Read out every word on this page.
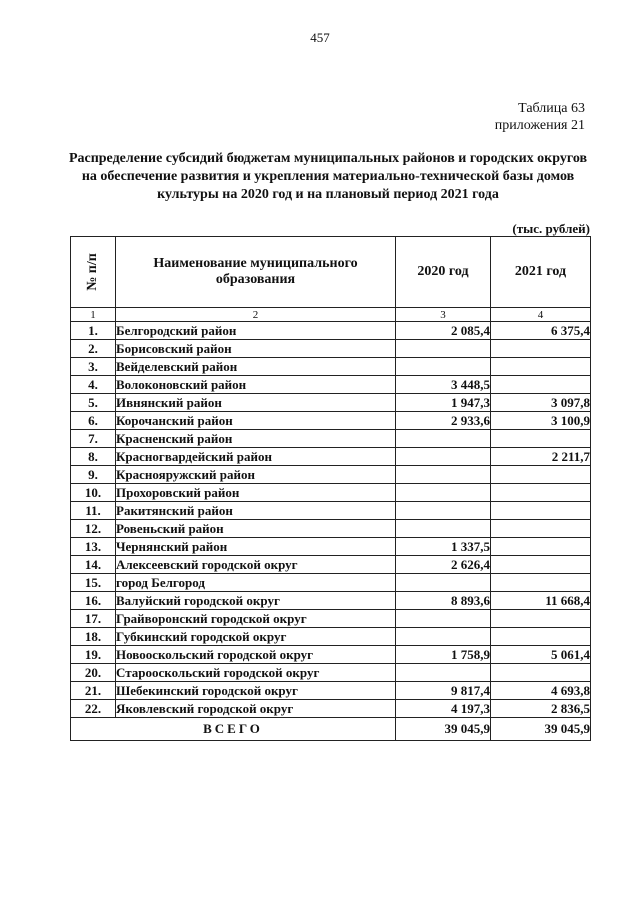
457
Таблица 63
приложения 21
Распределение субсидий бюджетам муниципальных районов и городских округов на обеспечение развития и укрепления материально-технической базы домов культуры на 2020 год и на плановый период 2021 года
(тыс. рублей)
№ п/п	Наименование муниципального образования	2020 год	2021 год
1	2	3	4
1.	Белгородский район	2 085,4	6 375,4
2.	Борисовский район		
3.	Вейделевский район		
4.	Волоконовский район	3 448,5	
5.	Ивнянский район	1 947,3	3 097,8
6.	Корочанский район	2 933,6	3 100,9
7.	Красненский район		
8.	Красногвардейский район		2 211,7
9.	Краснояружский район		
10.	Прохоровский район		
11.	Ракитянский район		
12.	Ровеньский район		
13.	Чернянский район	1 337,5	
14.	Алексеевский городской округ	2 626,4	
15.	город Белгород		
16.	Валуйский городской округ	8 893,6	11 668,4
17.	Грайворонский городской округ		
18.	Губкинский городской округ		
19.	Новооскольский городской округ	1 758,9	5 061,4
20.	Старооскольский городской округ		
21.	Шебекинский городской округ	9 817,4	4 693,8
22.	Яковлевский городской округ	4 197,3	2 836,5
ВСЕГО		39 045,9	39 045,9
